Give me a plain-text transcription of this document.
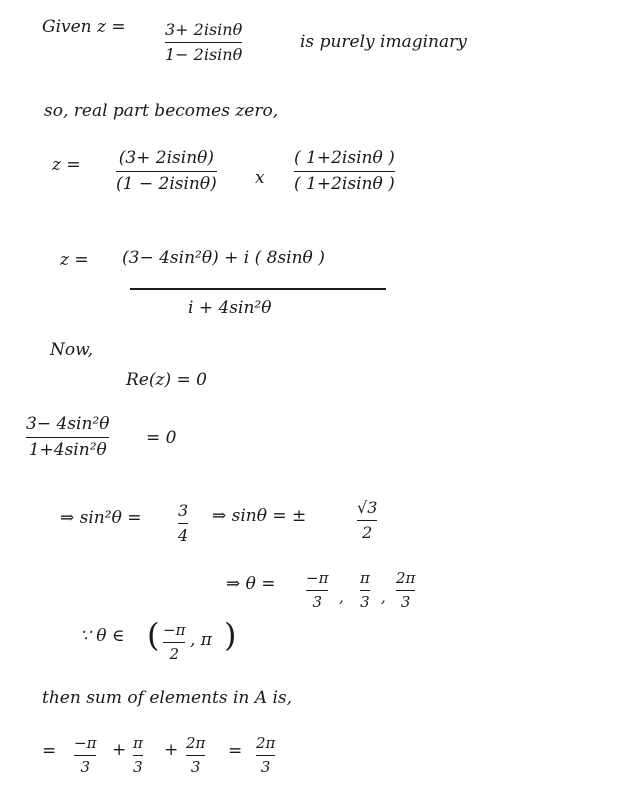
Given z = 3+ 2isinθ
1− 2isinθ
is purely imaginary
so, real part becomes zero,
z = (3+ 2isinθ)
(1 − 2isinθ) x
( 1+2isinθ )
( 1+2isinθ )
z = (3− 4sin²θ) + i ( 8sinθ )
i + 4sin²θ
Now,
Re(z) = 0
3− 4sin²θ
1+4sin²θ
= 0
⇒ sin²θ = 3
4
⇒ sinθ = ±	√3
2
⇒ θ = −π
3 ,
π
3 ,
2π
3
∵ θ ∈ ( −π
2
, π )
then sum of elements in A is,
= −π
3
+ π
3
+ 2π
3
= 2π
3
